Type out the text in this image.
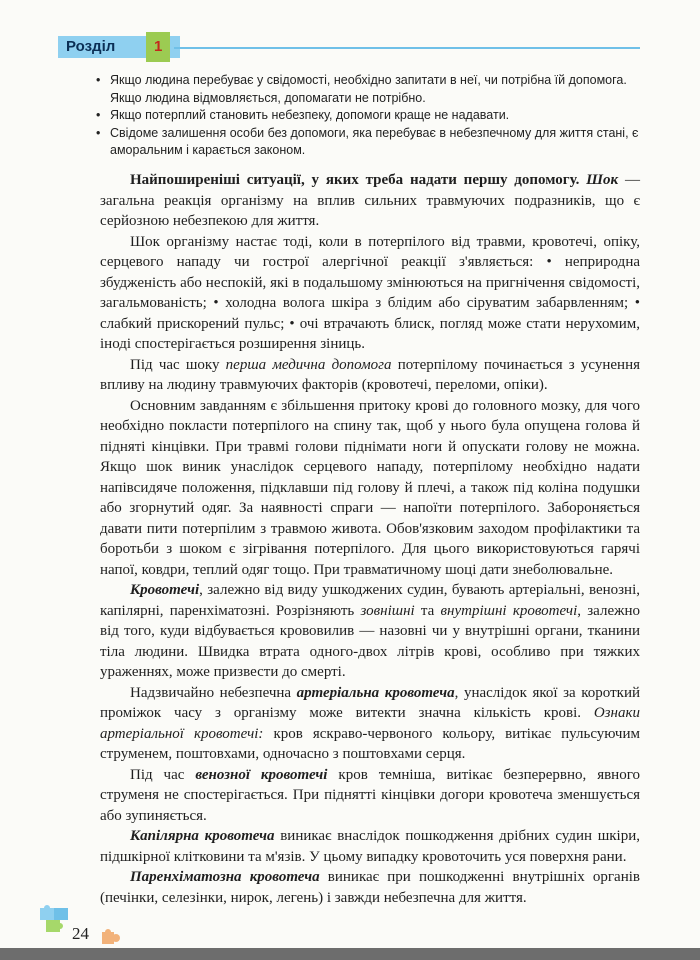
Розділ	1
• Якщо людина перебуває у свідомості, необхідно запитати в неї, чи потрібна їй допомога. Якщо людина відмовляється, допомагати не потрібно.
• Якщо потерплий становить небезпеку, допомоги краще не надавати.
• Свідоме залишення особи без допомоги, яка перебуває в небезпечному для життя стані, є аморальним і карається законом.

Найпоширеніші ситуації, у яких треба надати першу допомогу. Шок — загальна реакція організму на вплив сильних травмуючих подразників, що є серйозною небезпекою для життя.

Шок організму настає тоді, коли в потерпілого від травми, кровотечі, опіку, серцевого нападу чи гострої алергічної реакції з'являється: • неприродна збудженість або неспокій, які в подальшому змінюються на пригнічення свідомості, загальмованість; • холодна волога шкіра з блідим або сіруватим забарвленням; • слабкий прискорений пульс; • очі втрачають блиск, погляд може стати нерухомим, іноді спостерігається розширення зіниць.

Під час шоку перша медична допомога потерпілому починається з усунення впливу на людину травмуючих факторів (кровотечі, переломи, опіки).

Основним завданням є збільшення притоку крові до головного мозку, для чого необхідно покласти потерпілого на спину так, щоб у нього була опущена голова й підняті кінцівки. При травмі голови піднімати ноги й опускати голову не можна. Якщо шок виник унаслідок серцевого нападу, потерпілому необхідно надати напівсидяче положення, підклавши під голову й плечі, а також під коліна подушки або згорнутий одяг. За наявності спраги — напоїти потерпілого. Забороняється давати пити потерпілим з травмою живота. Обов'язковим заходом профілактики та боротьби з шоком є зігрівання потерпілого. Для цього використовуються гарячі напої, ковдри, теплий одяг тощо. При травматичному шоці дати знеболювальне.

Кровотечі, залежно від виду ушкоджених судин, бувають артеріальні, венозні, капілярні, паренхіматозні. Розрізняють зовнішні та внутрішні кровотечі, залежно від того, куди відбувається крововилив — назовні чи у внутрішні органи, тканини тіла людини. Швидка втрата одного-двох літрів крові, особливо при тяжких ураженнях, може призвести до смерті.

Надзвичайно небезпечна артеріальна кровотеча, унаслідок якої за короткий проміжок часу з організму може витекти значна кількість крові. Ознаки артеріальної кровотечі: кров яскраво-червоного кольору, витікає пульсуючим струменем, поштовхами, одночасно з поштовхами серця.

Під час венозної кровотечі кров темніша, витікає безперервно, явного струменя не спостерігається. При піднятті кінцівки догори кровотеча зменшується або зупиняється.

Капілярна кровотеча виникає внаслідок пошкодження дрібних судин шкіри, підшкірної клітковини та м'язів. У цьому випадку кровоточить уся поверхня рани.

Паренхіматозна кровотеча виникає при пошкодженні внутрішніх органів (печінки, селезінки, нирок, легень) і завжди небезпечна для життя.

24
